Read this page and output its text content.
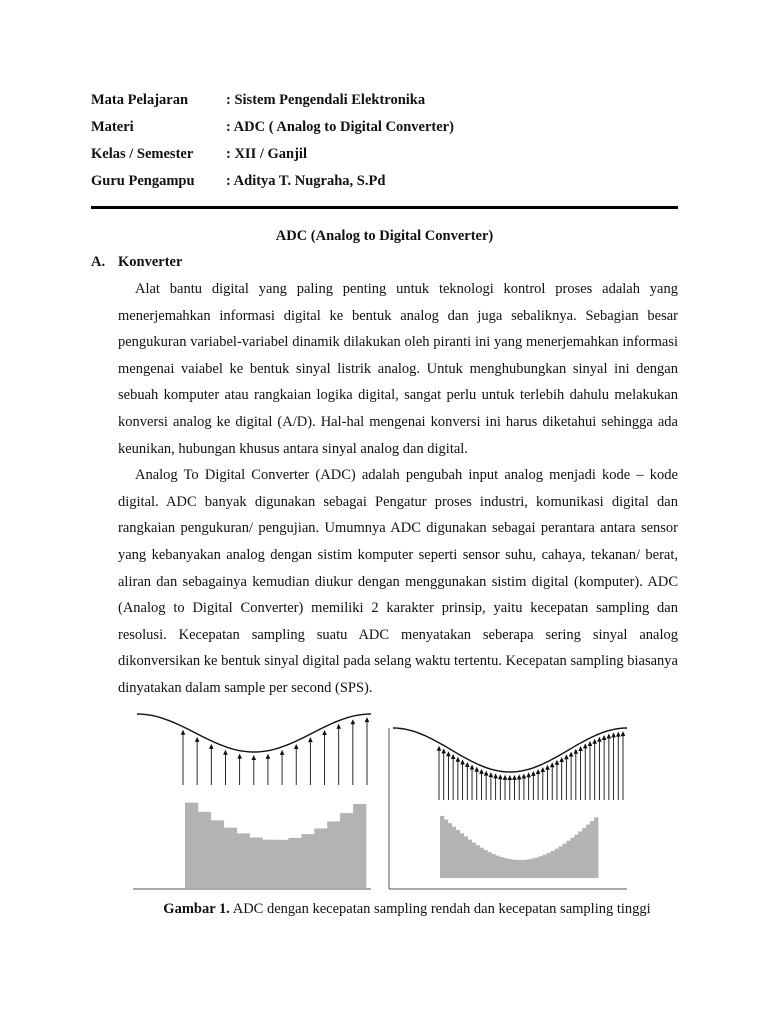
Mata Pelajaran	: Sistem Pengendali Elektronika
Materi	: ADC ( Analog to Digital Converter)
Kelas / Semester	: XII / Ganjil
Guru Pengampu	: Aditya T. Nugraha, S.Pd
ADC (Analog to Digital Converter)
A. Konverter

Alat bantu digital yang paling penting untuk teknologi kontrol proses adalah yang menerjemahkan informasi digital ke bentuk analog dan juga sebaliknya. Sebagian besar pengukuran variabel-variabel dinamik dilakukan oleh piranti ini yang menerjemahkan informasi mengenai vaiabel ke bentuk sinyal listrik analog. Untuk menghubungkan sinyal ini dengan sebuah komputer atau rangkaian logika digital, sangat perlu untuk terlebih dahulu melakukan konversi analog ke digital (A/D). Hal-hal mengenai konversi ini harus diketahui sehingga ada keunikan, hubungan khusus antara sinyal analog dan digital.

Analog To Digital Converter (ADC) adalah pengubah input analog menjadi kode – kode digital. ADC banyak digunakan sebagai Pengatur proses industri, komunikasi digital dan rangkaian pengukuran/ pengujian. Umumnya ADC digunakan sebagai perantara antara sensor yang kebanyakan analog dengan sistim komputer seperti sensor suhu, cahaya, tekanan/ berat, aliran dan sebagainya kemudian diukur dengan menggunakan sistim digital (komputer). ADC (Analog to Digital Converter) memiliki 2 karakter prinsip, yaitu kecepatan sampling dan resolusi. Kecepatan sampling suatu ADC menyatakan seberapa sering sinyal analog dikonversikan ke bentuk sinyal digital pada selang waktu tertentu. Kecepatan sampling biasanya dinyatakan dalam sample per second (SPS).

Gambar 1. ADC dengan kecepatan sampling rendah dan kecepatan sampling tinggi
